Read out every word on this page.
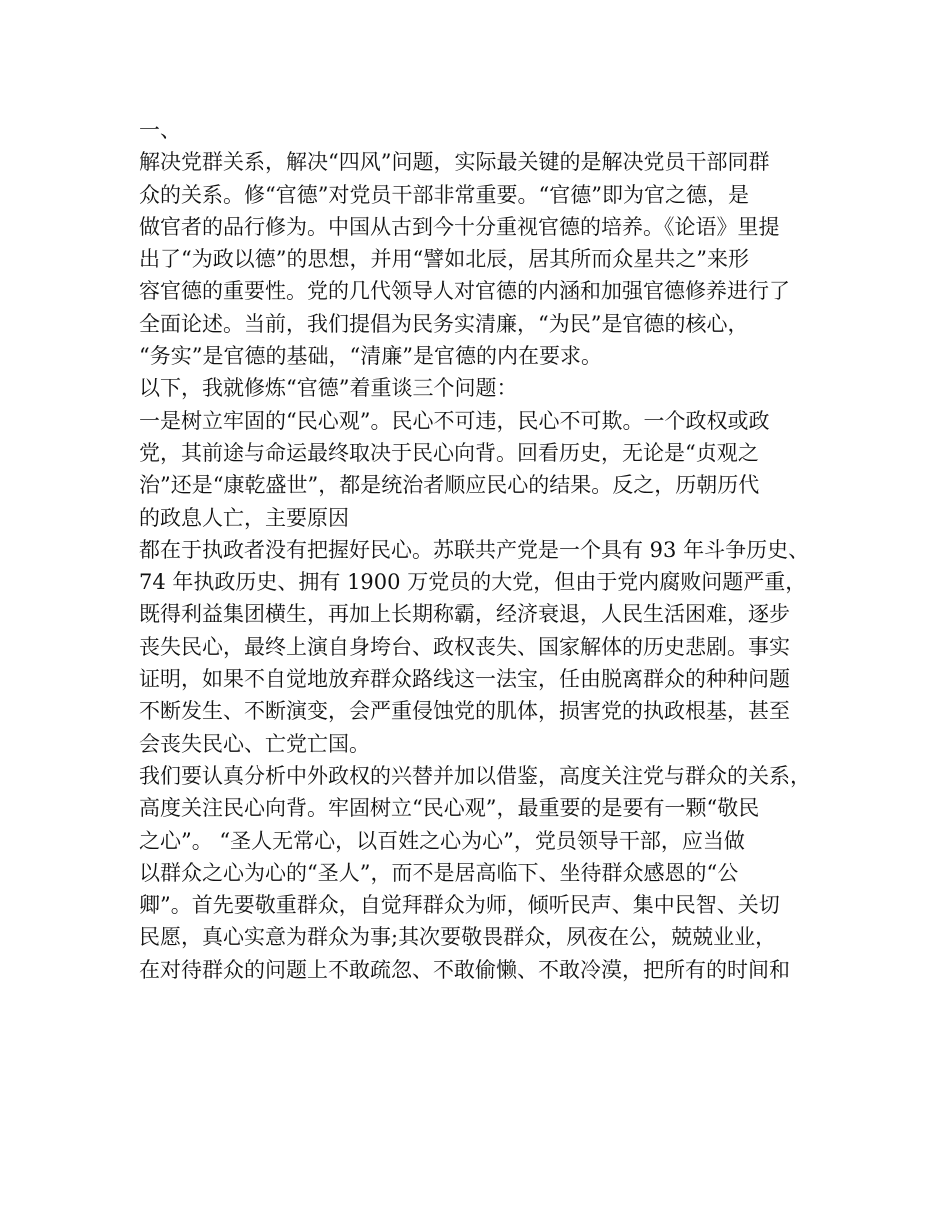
一、
解决党群关系，解决“四风”问题，实际最关键的是解决党员干部同群
众的关系。修“官德”对党员干部非常重要。“官德”即为官之德，是
做官者的品行修为。中国从古到今十分重视官德的培养。《论语》里提
出了“为政以德”的思想，并用“譬如北辰，居其所而众星共之”来形
容官德的重要性。党的几代领导人对官德的内涵和加强官德修养进行了
全面论述。当前，我们提倡为民务实清廉，“为民”是官德的核心，
“务实”是官德的基础，“清廉”是官德的内在要求。
以下，我就修炼“官德”着重谈三个问题：
一是树立牢固的“民心观”。民心不可违，民心不可欺。一个政权或政
党，其前途与命运最终取决于民心向背。回看历史，无论是“贞观之
治”还是“康乾盛世”，都是统治者顺应民心的结果。反之，历朝历代
的政息人亡，主要原因
都在于执政者没有把握好民心。苏联共产党是一个具有 93 年斗争历史、
74 年执政历史、拥有 1900 万党员的大党，但由于党内腐败问题严重，
既得利益集团横生，再加上长期称霸，经济衰退，人民生活困难，逐步
丧失民心，最终上演自身垮台、政权丧失、国家解体的历史悲剧。事实
证明，如果不自觉地放弃群众路线这一法宝，任由脱离群众的种种问题
不断发生、不断演变，会严重侵蚀党的肌体，损害党的执政根基，甚至
会丧失民心、亡党亡国。
我们要认真分析中外政权的兴替并加以借鉴，高度关注党与群众的关系，
高度关注民心向背。牢固树立“民心观”，最重要的是要有一颗“敬民
之心”。 “圣人无常心，以百姓之心为心”，党员领导干部，应当做
以群众之心为心的“圣人”，而不是居高临下、坐待群众感恩的“公
卿”。首先要敬重群众，自觉拜群众为师，倾听民声、集中民智、关切
民愿，真心实意为群众为事;其次要敬畏群众，夙夜在公，兢兢业业，
在对待群众的问题上不敢疏忽、不敢偷懒、不敢冷漠，把所有的时间和
